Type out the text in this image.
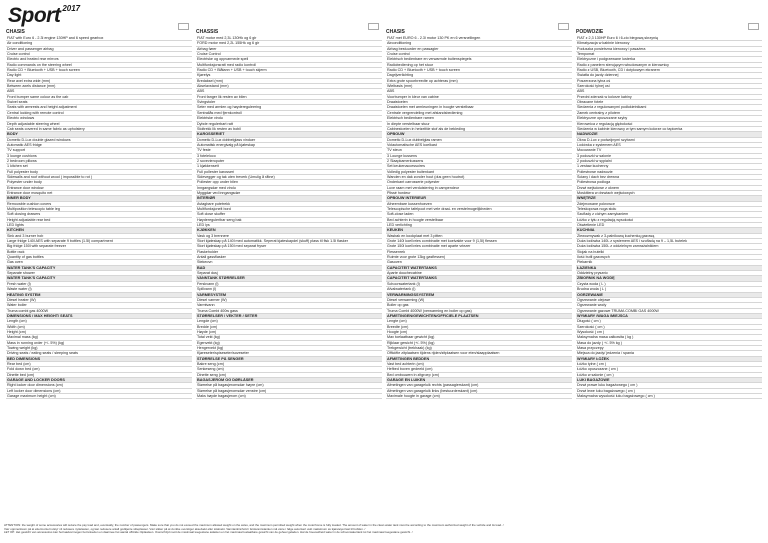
Sport $^{2017}$
CHASIS
FIAT with Euro 6 - 2.3l engine 130HP and 6 speed gearbox
Air conditioning
Driver and passenger airbag
Cruise control
Electric and heated rear mirrors
Radio commands on the steering wheel
Radio CD + Bluetooth + USB + touch screen
Day light
Rear axel extra wide (mm)
Between axels distance (mm)
ABS
Front bumper same colour as the cab
Swivel seats
Seats with armrests and height adjustment
Central locking with remote control
Electric windows
Depth adjustable steering wheel
Cab seats covered in same fabric as upholstery
BODY
Dometic D-Lux double glazed windows
Automatic AES fridge
TV support
3 lounge cushions
2 bedroom pillows
1 kitchen set
Full polyester body
Sidewalls and roof without wood ( impossible to rot )
Polyester under body
Entrance door window
Entrance door mosquito net
INNER BODY
Removable cushion covers
Multiposition telescopic table leg
Soft closing drawers
Height adjustable rear bed
LED lights
KITCHEN
Sink and 3 burner hob
Large fridge 140l AES with separate 9 bottles (1.5l) compartment
Big fridge 150l with separate freezer
Bottle rack
Quantity of gas bottles
Gas oven
WATER TANK'S CAPACITY
Separate shower
WATER TANK'S CAPACITY
Fresh water (l)
Waste water (l)
HEATING SYSTEM
Diesel heater (W)
Water boiler
Truma combi gas 4000W
DIMENSIONS / MAX HEIGHT/ SEATS
Length (cm)
Width (cm)
Height (cm)
Maximal mass (kg)
Mass in running order (+/- 5%) (kg)
Towing weight (kg)
Driving seats / eating seats / sleeping seats
BED DIMENSIONS
Rear bed (cm)
Fold down bed (cm)
Dinette bed (cm)
GARAGE AND LOCKER DOORS
Right locker door dimensions (cm)
Left locker door dimensions (cm)
Garage maximum height (cm)
CHASSIS
FIAT motor med 2,3L 130Hk og 6 gir
FORD motor med 2,2L 155Hk og 6 gir
Airbag fører
Cruise Control
Electriske og oppvarmede speil
Multifunksjonsratt med radio kontroll
Radio CD + Blåtann + USB + touch skjerm
Kjørelys
Bredaksel (mm)
Akselavstand (mm)
ABS
Front fanger lik resten av bilen
Svingstoler
Seter med armlen og høydereguleering
Sentrallås med fjernkontroll
Elektriske vindu
Dybde regulerbart ratt
Stoltrekk lik resten av bobil
KAROSSERIET
Dometic D-Lux dobbelglass vinduer
Automatisk energivalg på kjøleskap
TV feste
3 foteleloco
2 sovevieroputer
1 kjøkkensett
Full polIester karosseri
Sidevegger og tak uten treverk (Umulig å råtne)
PolIester opp under bilen
Inngangsdør med vindu
Myggdør ved inngangsdør
INTERIØR
Avtagbare putetrekk
Multifunksjonelt bord
Soft close skuffer
Høydereguleribar seng bak
LED lys
KJØKKEN
Vask og 3 brennere
Stort kjøleskap på 140l med automatikk. Seperat kjøleskapdel (skuff) plass til flsk 1.5l flasker
Stort kjøleskap på 150l med separat fryser
Flaskeholder
Antall gassflasker
Stekeovn
BAD
Separat dusj
VANNTANK STØRRELSER
Ferskvann (l)
Spillvann (l)
VARMESYSTEM
Diesel varmer (W)
Varmtvann
Truma Combi 400w gass
STØRRELSER / VEKTER / SETER
Lengde (cm)
Bredde (cm)
Høyde (cm)
Total vekt (kg)
Egenvekt (kg)
Hengervekt (kg)
Kjøreseter/spiseseter/soveseter
STØRRELSE PÅ SENGER
Bakre seng (cm)
Senkeseng (cm)
Dinette seng (cm)
BAGASJEROM OG DØRLÅSER
Størrelse på bagasjeromsdør høyre (cm)
Størrelse på bagasjeromsdør venstre (cm)
Maks høyde bagasjerom (cm)
CHASIS
FIAT met EURO 6 - 2.3l motor 130 PK en 6 versnellingen
Airconditioning
Airbag bestuurder en passagier
Cruise control
Elektrisch bedienbare en verwarmde buitenspiegels
Radiobediening op het stuur
Radio CD + Bluetooth + USB + touch screen
Dagrijverlichting
Extra grote spoorbreedte op achteras (mm)
Wielbasis (mm)
ABS
Voorbumper in kleur van cabine
Draaistoelen
Draaistoelen met armleuningen in hoogte verstelbaar
Centrale vergrendeling met afstandsbediening
Elektrisch bedienbare ramen
In diepte verstelbaar stuur
Cabinestoelen in hetzelfde stof als de bekleding
OPBOUW
Dometic D-Lux dubbelglas ramen
Volautomatische AES koelkast
TV steun
3 Lounge kussens
2 Slaapkamerkussens
Set keukenaccessoires
Volledig polyester buitenkant
Wanden en dak zonder hout (dus geen houtrot)
Onderkant carrosserie polyester
Luxe raam met verduistering in campendeur
Plissé hordeur
OPBOUW INTERIEUR
Afneembare kussenhoezen
Telescopische tafelpoot met vele draai- en verstelmogelijkheden
Soft-close laden
Bed achterin in hoogte verstelbaar
LED verlichting
KEUKEN
Wasbak en kookplaat met 3 pitten
Grote 140l koel/vries combinatie met koelvakte voor 9 (1,5l) flessen
Grote 150l koel/vries combinatie met aparte vriezer
Flessenrek
Ruimte voor grote 13kg gasflessen)
Gasoven
CAPACITEIT WATERTANKS
Aparte douchecabine
CAPACITEIT WATERTANKS
Schoonwatertank (l)
Afvalwatertank (l)
VERWARMINGSSYSTEEM
Diesel verwarming (W)
Boiler op gas
Truma Combi 4000W (verwarming en boiler op gas)
AFMETINGEN/GEWICHTEN/OFFICIELE PLAATSEN
Lengte (cm)
Breedte (cm)
Hoogte (cm)
Max toelaatbaar gewicht (kg)
Rijklaar gewicht (+/- 5%) (kg)
Trekgewicht (trekhaak) (kg)
Officiële zitplaatsen tijdens rijden/zitplaatsen voor eten/slaapplaatsen
AFMETINGEN BEDDEN
Vast bed achterin (cm)
Hefbed boven gedeeld (cm)
Bed ombouwen in zitgroep (cm)
GARAGE EN LUIKEN
Afmetingen van garageluik rechts (passagierskant) (cm)
Afmetingen van garageluik links (bestuurderskant) (cm)
Maximale hoogte in garage (cm)
PODWOZIE
FIAT z 2,3 130HP Euro 6 i 6-cio biegową skrzynią
Klimatyzacja w kabinie kierowcy
Poduszka powietrzna kierowcy i pasażera
Tempomat
Elektryczne i podgrzewane lusterka
Radio z panelem sterującym wbudowanym w kierownicy
Radio z USB, Bluetooth, CD i dotykowym ekranem
Światła do jazdy dziennej
Poszerzona tylna oś
Szerokość tylnej osi
ABS
Przedni zderzak w kolorze kabiny
Obracane fotele
Siedzenia z regulowanymi podłokietnikami
Zamek centralny z pilotem
Elektryczne opuszczane szyby
Kierownica z regulacją głębokości
Siedzenia w kabinie kierowcy w tym samym kolorze co tapicerka
NADWOZIE
Okna D-Lux z podwójnymi szybami
Lodówka z systemem AES
Mocowanie TV
3 poduszki w salonie
2 poduszki w sypialni
1 zestaw kuchenny
Poliestrowe nadwozie
Ściany i dach bez drewna
Poliestrowa podłoga
Drzwi wejściowe z oknem
Moskitiera w drzwiach wejściowych
WNĘTRZE
Zdejmowane pokrowce
Teleskopowa noga stołu
Szuflady z cichym zamykaniem
Łóżko z tyłu z regulacją wysokości
Oświetlenie LED
KUCHNIA
Zlewozmywak z 3-palnikową kuchenką gazową
Duża lodówka 140L z systemem AES i szufladą na 9 – 1,5L butelek
Duża lodówka 150L z oddzielnym zamrażalnikiem
Stojak na butelki
Ilość butli gazowych
Piekarnik
ŁAZIENKA
Oddzielny prysznic
ZBIORNIK NA WODĘ
Czysta woda ( L )
Brudna woda ( L )
OGRZEWANIE
Ogrzewanie olejowe
Ogrzewanie wody
Ogrzewanie gazowe TRUMA COMBI GAS 4000W
WYMIARY /WAGA /MIEJSCA
Długość ( cm )
Szerokość ( cm )
Wysokość ( cm )
Maksymalna masa całkowita ( kg )
Masa do jazdy ( +/- 5% kg )
Masa przyczepy
Miejsca do jazdy/ jedzenia / spania
WYMIARY ŁÓŻEK
Łóżko tylne ( cm )
Łóżko opuszczane ( cm )
Łóżko w salonie ( cm )
LUKI BAGAŻOWE
Drzwi prawe luku bagażowego ( cm )
Drzwi lewe luku bagażowego ( cm )
Maksymalna wysokość luku bagażowego ( cm )
ATTENTION: the weight of some accessories will reduce the pay load and, eventually, the number of passengers. Make sure that you do not exceed the maximum allowed weight on the axles, and the maximum permitted weight when the motorhome is fully loaded. The amount of water in the clean water tank must be according to the maximum authorized weight of the vehicle and its load. /
Vær oppmerksom på at ettermontert utstyr vil redusere nyttelasten, og kan redusere antall godkjente sitteplasser. Vær sikker på at du ikke overstiger akselvekt eller totalvekt. Vanntankinnhold i ferskvannstanken må være i følge autorisert vekt maksimum av kjøretøyet last til bobilen. /
LET OP: Het gewicht van accessoires kan het laadvermogen beïnvloeden en daarmee het aantal officiële zitplaatsen. Overschrijd nooit de maximaal toegestane aslasten en het maximaal toelaatbare gewicht van de geheel geladen. Hal de hoeveelheid water in de schoonwatertank tot het maximaal toegestane gewicht. /
